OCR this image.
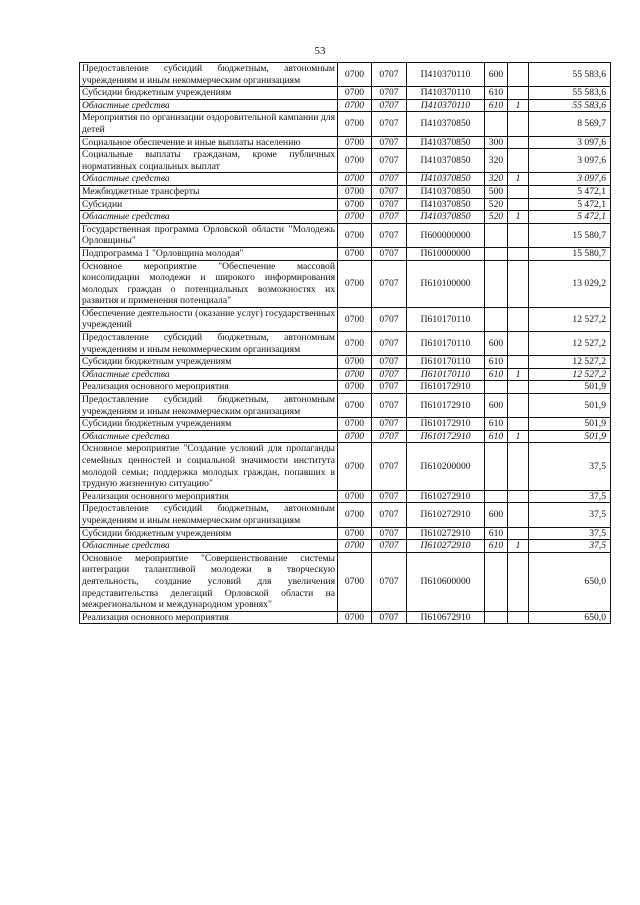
53
Предоставление субсидий бюджетным, автономным учреждениям и иным некоммерческим организациям	0700	0707	П410370110	600		55 583,6
Субсидии бюджетным учреждениям	0700	0707	П410370110	610		55 583,6
Областные средства	0700	0707	П410370110	610	1	55 583,6
Мероприятия по организации оздоровительной кампании для детей	0700	0707	П410370850			8 569,7
Социальное обеспечение и иные выплаты населению	0700	0707	П410370850	300		3 097,6
Социальные выплаты гражданам, кроме публичных нормативных социальных выплат	0700	0707	П410370850	320		3 097,6
Областные средства	0700	0707	П410370850	320	1	3 097,6
Межбюджетные трансферты	0700	0707	П410370850	500		5 472,1
Субсидии	0700	0707	П410370850	520		5 472,1
Областные средства	0700	0707	П410370850	520	1	5 472,1
Государственная программа Орловской области "Молодежь Орловщины"	0700	0707	П600000000			15 580,7
Подпрограмма 1 "Орловщина молодая"	0700	0707	П610000000			15 580,7
Основное мероприятие "Обеспечение массовой консолидации молодежи и широкого информирования молодых граждан о потенциальных возможностях их развития и применения потенциала"	0700	0707	П610100000			13 029,2
Обеспечение деятельности (оказание услуг) государственных учреждений	0700	0707	П610170110			12 527,2
Предоставление субсидий бюджетным, автономным учреждениям и иным некоммерческим организациям	0700	0707	П610170110	600		12 527,2
Субсидии бюджетным учреждениям	0700	0707	П610170110	610		12 527,2
Областные средства	0700	0707	П610170110	610	1	12 527,2
Реализация основного мероприятия	0700	0707	П610172910			501,9
Предоставление субсидий бюджетным, автономным учреждениям и иным некоммерческим организациям	0700	0707	П610172910	600		501,9
Субсидии бюджетным учреждениям	0700	0707	П610172910	610		501,9
Областные средства	0700	0707	П610172910	610	1	501,9
Основное мероприятие "Создание условий для пропаганды семейных ценностей и социальной значимости института молодой семьи; поддержка молодых граждан, попавших в трудную жизненную ситуацию"	0700	0707	П610200000			37,5
Реализация основного мероприятия	0700	0707	П610272910			37,5
Предоставление субсидий бюджетным, автономным учреждениям и иным некоммерческим организациям	0700	0707	П610272910	600		37,5
Субсидии бюджетным учреждениям	0700	0707	П610272910	610		37,5
Областные средства	0700	0707	П610272910	610	1	37,5
Основное мероприятие "Совершенствование системы интеграции талантливой молодежи в творческую деятельность, создание условий для увеличения представительства делегаций Орловской области на межрегиональном и международном уровнях"	0700	0707	П610600000			650,0
Реализация основного мероприятия	0700	0707	П610672910			650,0
